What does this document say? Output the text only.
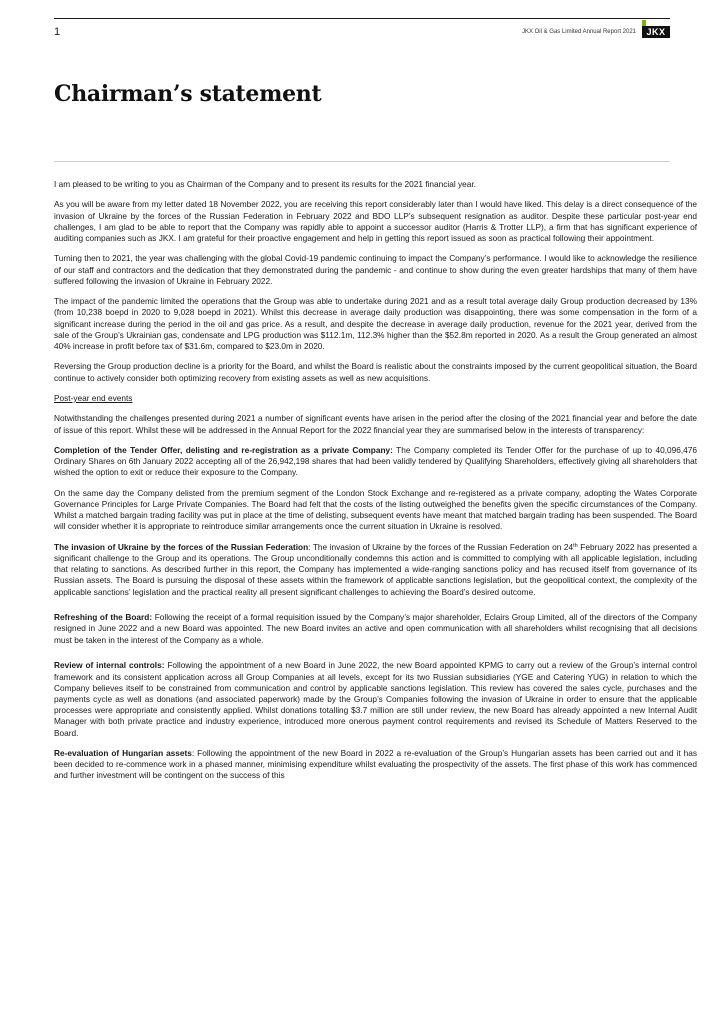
1	JKX Oil & Gas Limited Annual Report 2021	JKX
Chairman’s statement

I am pleased to be writing to you as Chairman of the Company and to present its results for the 2021 financial year.

As you will be aware from my letter dated 18 November 2022, you are receiving this report considerably later than I would have liked. This delay is a direct consequence of the invasion of Ukraine by the forces of the Russian Federation in February 2022 and BDO LLP’s subsequent resignation as auditor. Despite these particular post-year end challenges, I am glad to be able to report that the Company was rapidly able to appoint a successor auditor (Harris & Trotter LLP), a firm that has significant experience of auditing companies such as JKX. I am grateful for their proactive engagement and help in getting this report issued as soon as practical following their appointment.

Turning then to 2021, the year was challenging with the global Covid-19 pandemic continuing to impact the Company’s performance. I would like to acknowledge the resilience of our staff and contractors and the dedication that they demonstrated during the pandemic - and continue to show during the even greater hardships that many of them have suffered following the invasion of Ukraine in February 2022.

The impact of the pandemic limited the operations that the Group was able to undertake during 2021 and as a result total average daily Group production decreased by 13% (from 10,238 boepd in 2020 to 9,028 boepd in 2021). Whilst this decrease in average daily production was disappointing, there was some compensation in the form of a significant increase during the period in the oil and gas price. As a result, and despite the decrease in average daily production, revenue for the 2021 year, derived from the sale of the Group’s Ukrainian gas, condensate and LPG production was $112.1m, 112.3% higher than the $52.8m reported in 2020. As a result the Group generated an almost 40% increase in profit before tax of $31.6m, compared to $23.0m in 2020.

Reversing the Group production decline is a priority for the Board, and whilst the Board is realistic about the constraints imposed by the current geopolitical situation, the Board continue to actively consider both optimizing recovery from existing assets as well as new acquisitions.

Post-year end events

Notwithstanding the challenges presented during 2021 a number of significant events have arisen in the period after the closing of the 2021 financial year and before the date of issue of this report. Whilst these will be addressed in the Annual Report for the 2022 financial year they are summarised below in the interests of transparency:

Completion of the Tender Offer, delisting and re-registration as a private Company: The Company completed its Tender Offer for the purchase of up to 40,096,476 Ordinary Shares on 6th January 2022 accepting all of the 26,942,198 shares that had been validly tendered by Qualifying Shareholders, effectively giving all shareholders that wished the option to exit or reduce their exposure to the Company.

On the same day the Company delisted from the premium segment of the London Stock Exchange and re-registered as a private company, adopting the Wates Corporate Governance Principles for Large Private Companies. The Board had felt that the costs of the listing outweighed the benefits given the specific circumstances of the Company. Whilst a matched bargain trading facility was put in place at the time of delisting, subsequent events have meant that matched bargain trading has been suspended. The Board will consider whether it is appropriate to reintroduce similar arrangements once the current situation in Ukraine is resolved.

The invasion of Ukraine by the forces of the Russian Federation: The invasion of Ukraine by the forces of the Russian Federation on 24th February 2022 has presented a significant challenge to the Group and its operations. The Group unconditionally condemns this action and is committed to complying with all applicable legislation, including that relating to sanctions. As described further in this report, the Company has implemented a wide-ranging sanctions policy and has recused itself from governance of its Russian assets. The Board is pursuing the disposal of these assets within the framework of applicable sanctions legislation, but the geopolitical context, the complexity of the applicable sanctions’ legislation and the practical reality all present significant challenges to achieving the Board’s desired outcome.

Refreshing of the Board: Following the receipt of a formal requisition issued by the Company’s major shareholder, Eclairs Group Limited, all of the directors of the Company resigned in June 2022 and a new Board was appointed. The new Board invites an active and open communication with all shareholders whilst recognising that all decisions must be taken in the interest of the Company as a whole.

Review of internal controls: Following the appointment of a new Board in June 2022, the new Board appointed KPMG to carry out a review of the Group’s internal control framework and its consistent application across all Group Companies at all levels, except for its two Russian subsidiaries (YGE and Catering YUG) in relation to which the Company believes itself to be constrained from communication and control by applicable sanctions legislation. This review has covered the sales cycle, purchases and the payments cycle as well as donations (and associated paperwork) made by the Group’s Companies following the invasion of Ukraine in order to ensure that the applicable processes were appropriate and consistently applied. Whilst donations totalling $3.7 million are still under review, the new Board has already appointed a new Internal Audit Manager with both private practice and industry experience, introduced more onerous payment control requirements and revised its Schedule of Matters Reserved to the Board.

Re-evaluation of Hungarian assets: Following the appointment of the new Board in 2022 a re-evaluation of the Group’s Hungarian assets has been carried out and it has been decided to re-commence work in a phased manner, minimising expenditure whilst evaluating the prospectivity of the assets. The first phase of this work has commenced and further investment will be contingent on the success of this
